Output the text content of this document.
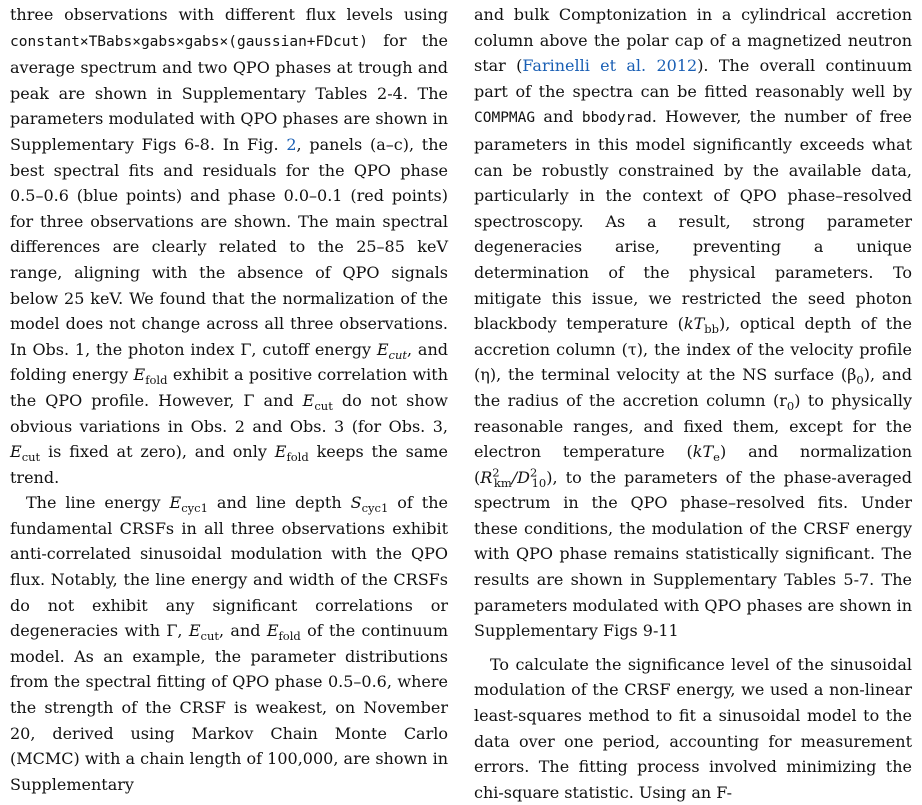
three observations with different flux levels using constant×TBabs×gabs×gabs×(gaussian+FDcut) for the average spectrum and two QPO phases at trough and peak are shown in Supplementary Tables 2-4. The parameters modulated with QPO phases are shown in Supplementary Figs 6-8. In Fig. 2, panels (a–c), the best spectral fits and residuals for the QPO phase 0.5–0.6 (blue points) and phase 0.0–0.1 (red points) for three observations are shown. The main spectral differences are clearly related to the 25–85 keV range, aligning with the absence of QPO signals below 25 keV. We found that the normalization of the model does not change across all three observations. In Obs. 1, the photon index Γ, cutoff energy $E_{cut}$, and folding energy $E_{fold}$ exhibit a positive correlation with the QPO profile. However, Γ and $E_{cut}$ do not show obvious variations in Obs. 2 and Obs. 3 (for Obs. 3, $E_{cut}$ is fixed at zero), and only $E_{fold}$ keeps the same trend.

The line energy $E_{cyc1}$ and line depth $S_{cyc1}$ of the fundamental CRSFs in all three observations exhibit anti-correlated sinusoidal modulation with the QPO flux. Notably, the line energy and width of the CRSFs do not exhibit any significant correlations or degeneracies with Γ, $E_{cut}$, and $E_{fold}$ of the continuum model. As an example, the parameter distributions from the spectral fitting of QPO phase 0.5–0.6, where the strength of the CRSF is weakest, on November 20, derived using Markov Chain Monte Carlo (MCMC) with a chain length of 100,000, are shown in Supplementary

and bulk Comptonization in a cylindrical accretion column above the polar cap of a magnetized neutron star (Farinelli et al. 2012). The overall continuum part of the spectra can be fitted reasonably well by COMPMAG and bbodyrad. However, the number of free parameters in this model significantly exceeds what can be robustly constrained by the available data, particularly in the context of QPO phase–resolved spectroscopy. As a result, strong parameter degeneracies arise, preventing a unique determination of the physical parameters. To mitigate this issue, we restricted the seed photon blackbody temperature $(kT_{bb})$, optical depth of the accretion column (τ), the index of the velocity profile (η), the terminal velocity at the NS surface $(\beta_0)$, and the radius of the accretion column $(r_0)$ to physically reasonable ranges, and fixed them, except for the electron temperature $(kT_e)$ and normalization $(R^2_{km}/D^2_{10})$, to the parameters of the phase-averaged spectrum in the QPO phase–resolved fits. Under these conditions, the modulation of the CRSF energy with QPO phase remains statistically significant. The results are shown in Supplementary Tables 5-7. The parameters modulated with QPO phases are shown in Supplementary Figs 9-11

To calculate the significance level of the sinusoidal modulation of the CRSF energy, we used a non-linear least-squares method to fit a sinusoidal model to the data over one period, accounting for measurement errors. The fitting process involved minimizing the chi-square statistic. Using an F-
